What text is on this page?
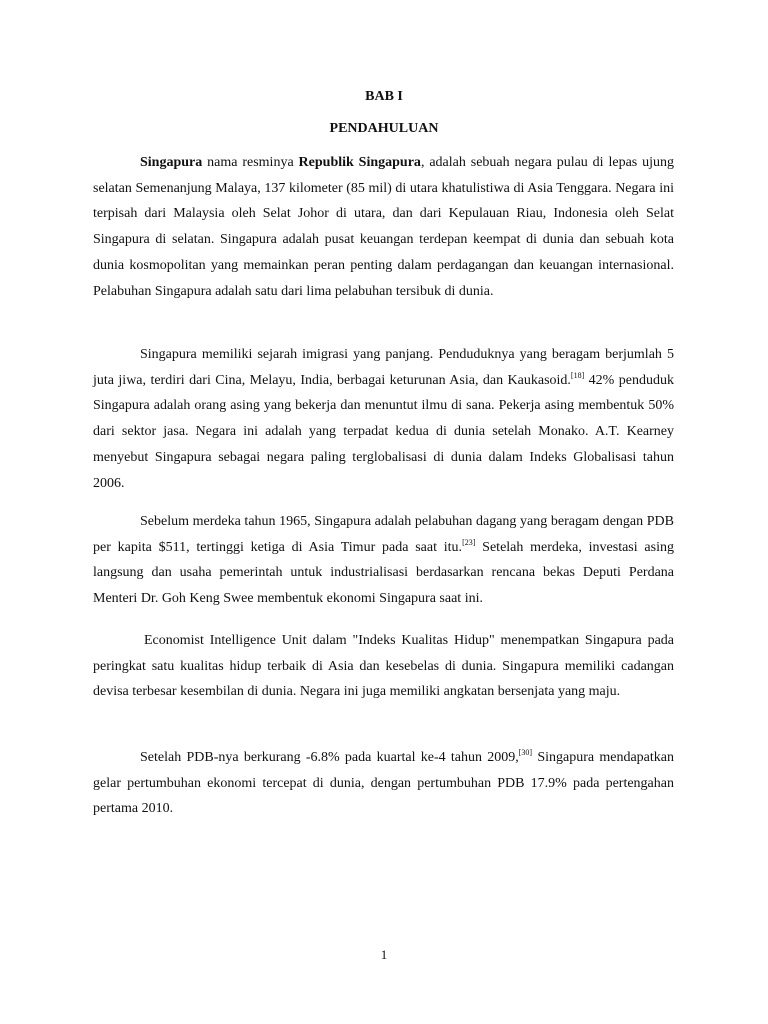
BAB I
PENDAHULUAN

Singapura nama resminya Republik Singapura, adalah sebuah negara pulau di lepas ujung selatan Semenanjung Malaya, 137 kilometer (85 mil) di utara khatulistiwa di Asia Tenggara. Negara ini terpisah dari Malaysia oleh Selat Johor di utara, dan dari Kepulauan Riau, Indonesia oleh Selat Singapura di selatan. Singapura adalah pusat keuangan terdepan keempat di dunia dan sebuah kota dunia kosmopolitan yang memainkan peran penting dalam perdagangan dan keuangan internasional. Pelabuhan Singapura adalah satu dari lima pelabuhan tersibuk di dunia.

Singapura memiliki sejarah imigrasi yang panjang. Penduduknya yang beragam berjumlah 5 juta jiwa, terdiri dari Cina, Melayu, India, berbagai keturunan Asia, dan Kaukasoid.[18] 42% penduduk Singapura adalah orang asing yang bekerja dan menuntut ilmu di sana. Pekerja asing membentuk 50% dari sektor jasa. Negara ini adalah yang terpadat kedua di dunia setelah Monako. A.T. Kearney menyebut Singapura sebagai negara paling terglobalisasi di dunia dalam Indeks Globalisasi tahun 2006.

Sebelum merdeka tahun 1965, Singapura adalah pelabuhan dagang yang beragam dengan PDB per kapita $511, tertinggi ketiga di Asia Timur pada saat itu.[23] Setelah merdeka, investasi asing langsung dan usaha pemerintah untuk industrialisasi berdasarkan rencana bekas Deputi Perdana Menteri Dr. Goh Keng Swee membentuk ekonomi Singapura saat ini.

Economist Intelligence Unit dalam "Indeks Kualitas Hidup" menempatkan Singapura pada peringkat satu kualitas hidup terbaik di Asia dan kesebelas di dunia. Singapura memiliki cadangan devisa terbesar kesembilan di dunia. Negara ini juga memiliki angkatan bersenjata yang maju.

Setelah PDB-nya berkurang -6.8% pada kuartal ke-4 tahun 2009,[30] Singapura mendapatkan gelar pertumbuhan ekonomi tercepat di dunia, dengan pertumbuhan PDB 17.9% pada pertengahan pertama 2010.

1
